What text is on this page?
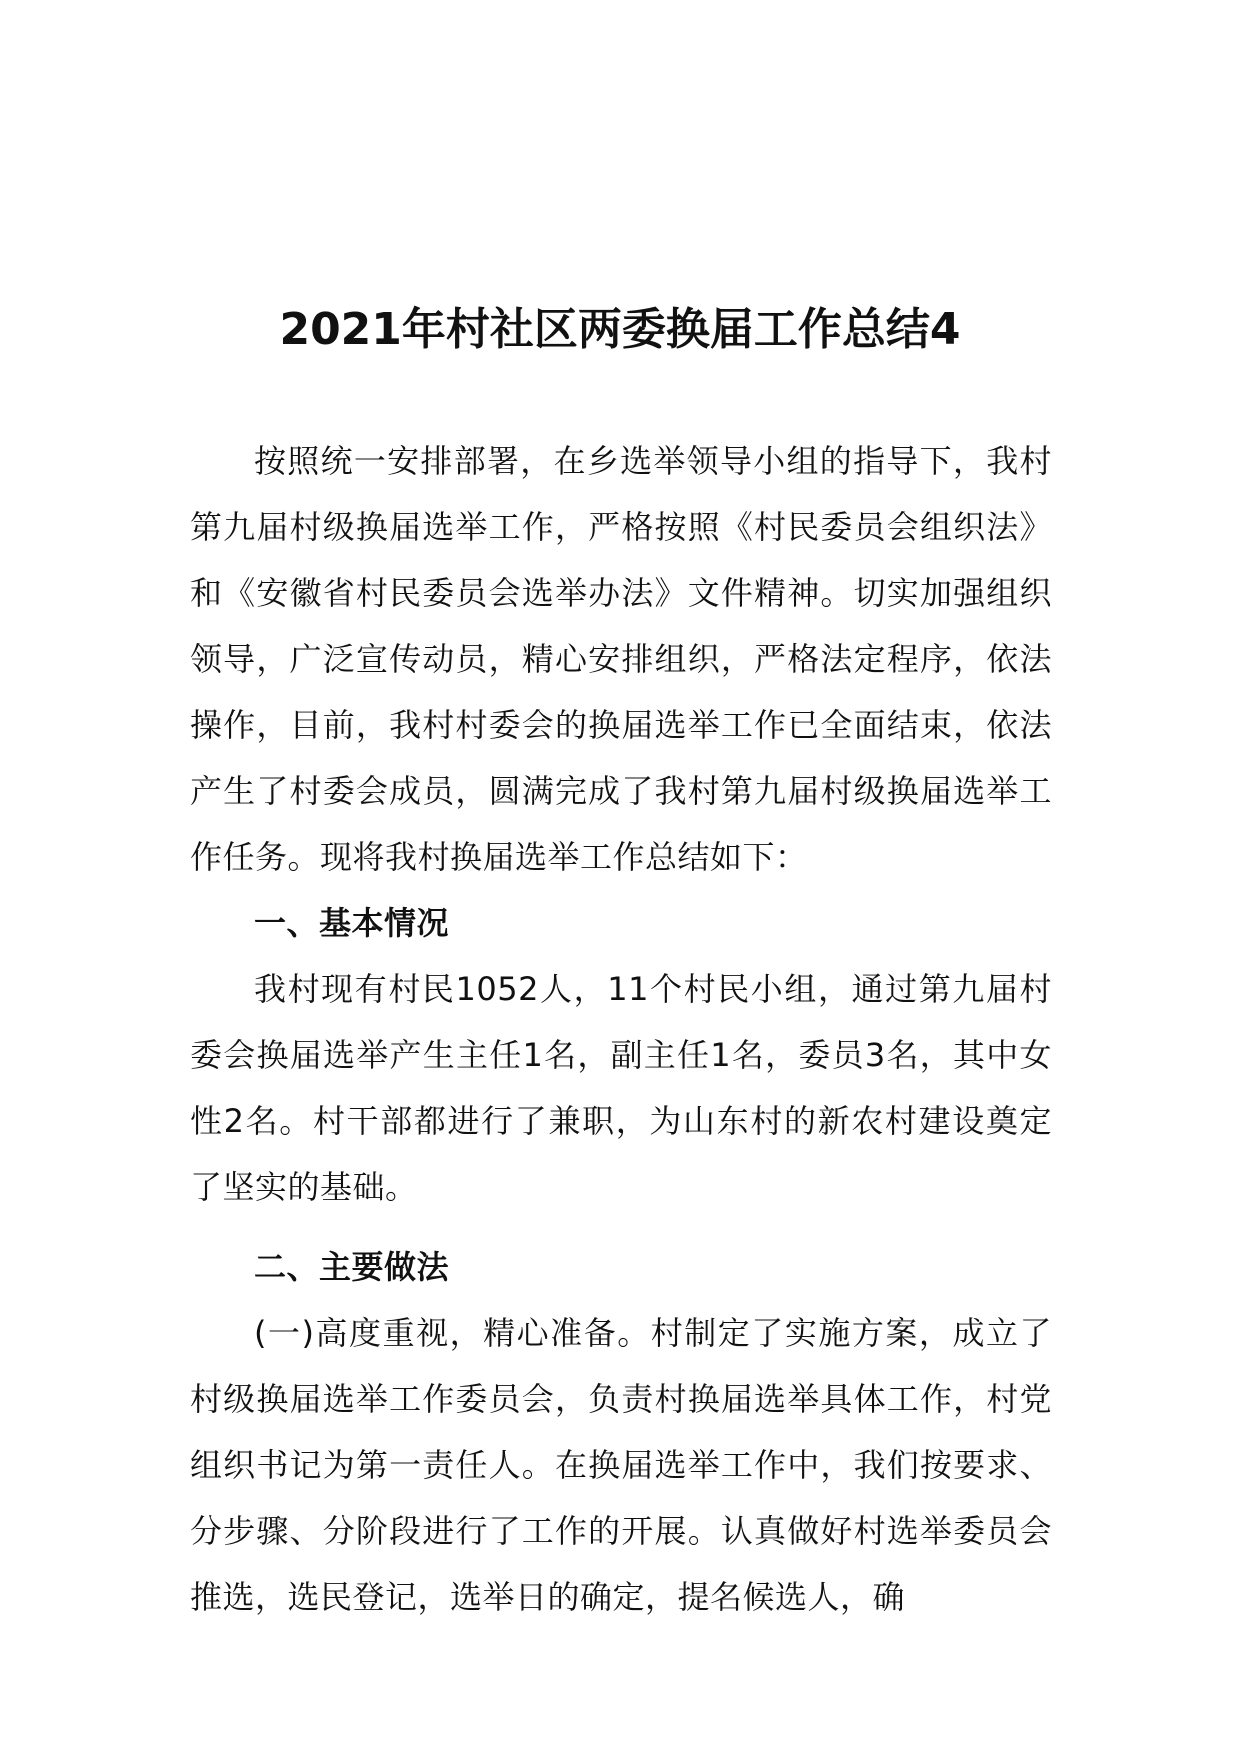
2021年村社区两委换届工作总结4

按照统一安排部署，在乡选举领导小组的指导下，我村第九届村级换届选举工作，严格按照《村民委员会组织法》和《安徽省村民委员会选举办法》文件精神。切实加强组织领导，广泛宣传动员，精心安排组织，严格法定程序，依法操作，目前，我村村委会的换届选举工作已全面结束，依法产生了村委会成员，圆满完成了我村第九届村级换届选举工作任务。现将我村换届选举工作总结如下：

一、基本情况

我村现有村民1052人，11个村民小组，通过第九届村委会换届选举产生主任1名，副主任1名，委员3名，其中女性2名。村干部都进行了兼职，为山东村的新农村建设奠定了坚实的基础。

二、主要做法

(一)高度重视，精心准备。村制定了实施方案，成立了村级换届选举工作委员会，负责村换届选举具体工作，村党组织书记为第一责任人。在换届选举工作中，我们按要求、分步骤、分阶段进行了工作的开展。认真做好村选举委员会推选，选民登记，选举日的确定，提名候选人，确
